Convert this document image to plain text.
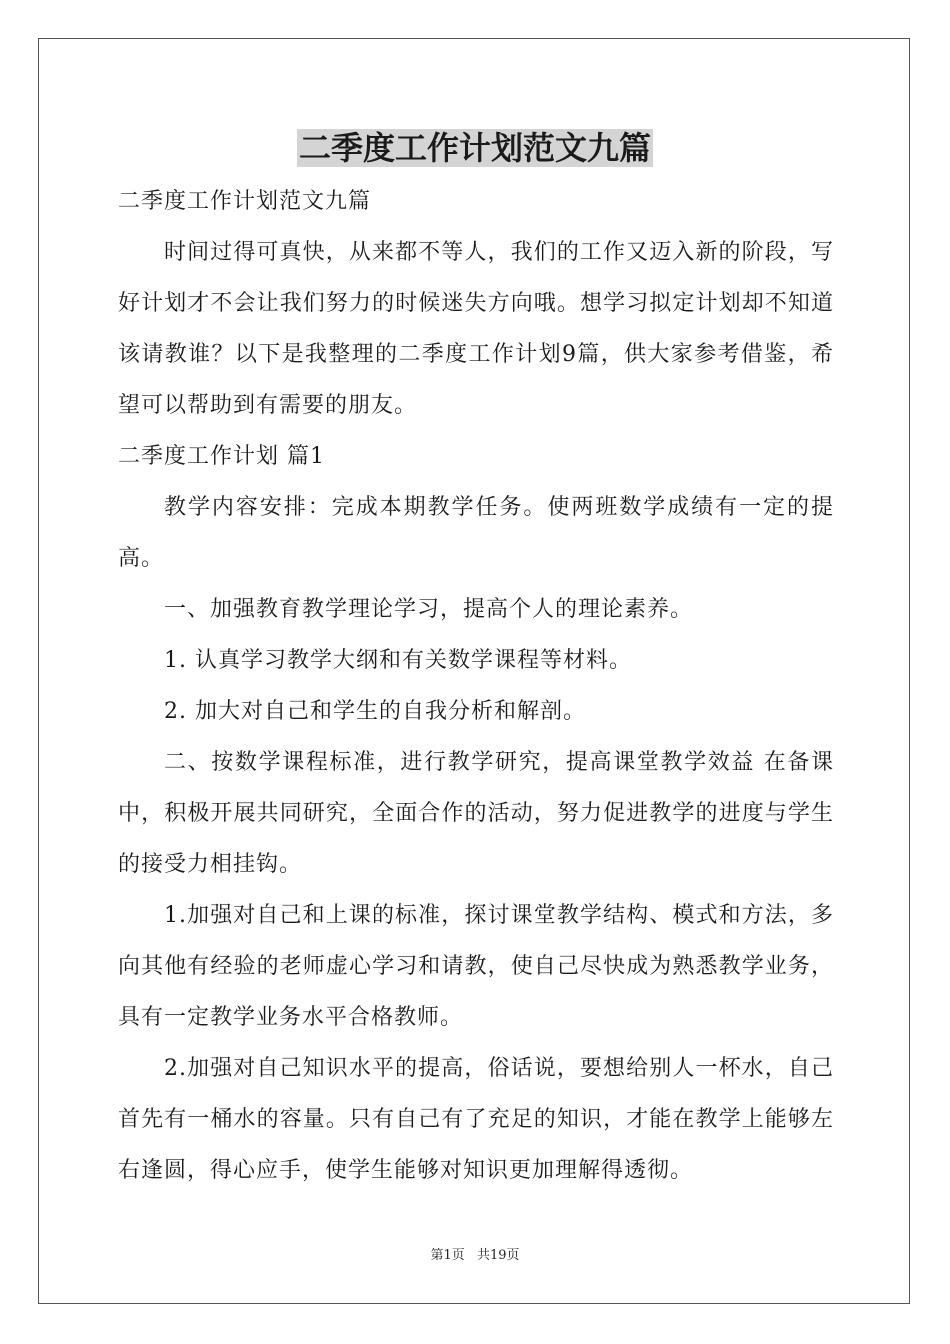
二季度工作计划范文九篇

二季度工作计划范文九篇

时间过得可真快，从来都不等人，我们的工作又迈入新的阶段，写好计划才不会让我们努力的时候迷失方向哦。想学习拟定计划却不知道该请教谁？以下是我整理的二季度工作计划9篇，供大家参考借鉴，希望可以帮助到有需要的朋友。

二季度工作计划 篇1

教学内容安排：完成本期教学任务。使两班数学成绩有一定的提高。

一、加强教育教学理论学习，提高个人的理论素养。

1. 认真学习教学大纲和有关数学课程等材料。

2. 加大对自己和学生的自我分析和解剖。

二、按数学课程标准，进行教学研究，提高课堂教学效益 在备课中，积极开展共同研究，全面合作的活动，努力促进教学的进度与学生的接受力相挂钩。

1.加强对自己和上课的标准，探讨课堂教学结构、模式和方法，多向其他有经验的老师虚心学习和请教，使自己尽快成为熟悉教学业务，具有一定教学业务水平合格教师。

2.加强对自己知识水平的提高，俗话说，要想给别人一杯水，自己首先有一桶水的容量。只有自己有了充足的知识，才能在教学上能够左右逢圆，得心应手，使学生能够对知识更加理解得透彻。

第1页 共19页
